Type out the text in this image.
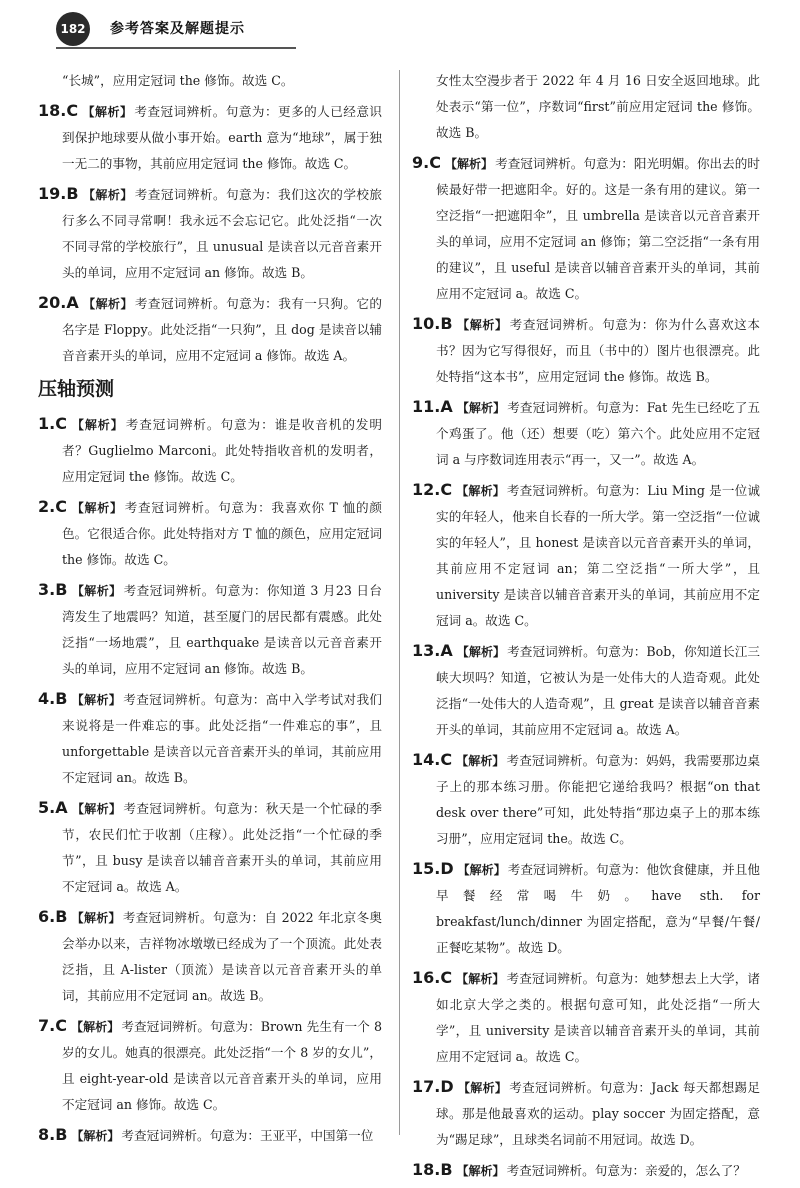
182	参考答案及解题提示

“长城”，应用定冠词 the 修饰。故选 C。

18.C 【解析】 考查冠词辨析。句意为：更多的人已经意识到保护地球要从做小事开始。earth 意为“地球”，属于独一无二的事物，其前应用定冠词 the 修饰。故选 C。

19.B 【解析】 考查冠词辨析。句意为：我们这次的学校旅行多么不同寻常啊！我永远不会忘记它。此处泛指“一次不同寻常的学校旅行”，且 unusual 是读音以元音音素开头的单词，应用不定冠词 an 修饰。故选 B。

20.A 【解析】 考查冠词辨析。句意为：我有一只狗。它的名字是 Floppy。此处泛指“一只狗”，且 dog 是读音以辅音音素开头的单词，应用不定冠词 a 修饰。故选 A。

压轴预测

1.C 【解析】 考查冠词辨析。句意为：谁是收音机的发明者？Guglielmo Marconi。此处特指收音机的发明者，应用定冠词 the 修饰。故选 C。

2.C 【解析】 考查冠词辨析。句意为：我喜欢你 T 恤的颜色。它很适合你。此处特指对方 T 恤的颜色，应用定冠词 the 修饰。故选 C。

3.B 【解析】 考查冠词辨析。句意为：你知道 3 月23 日台湾发生了地震吗？知道，甚至厦门的居民都有震感。此处泛指“一场地震”，且 earthquake 是读音以元音音素开头的单词，应用不定冠词 an 修饰。故选 B。

4.B 【解析】 考查冠词辨析。句意为：高中入学考试对我们来说将是一件难忘的事。此处泛指“一件难忘的事”，且 unforgettable 是读音以元音音素开头的单词，其前应用不定冠词 an。故选 B。

5.A 【解析】 考查冠词辨析。句意为：秋天是一个忙碌的季节，农民们忙于收割（庄稼）。此处泛指“一个忙碌的季节”，且 busy 是读音以辅音音素开头的单词，其前应用不定冠词 a。故选 A。

6.B 【解析】 考查冠词辨析。句意为：自 2022 年北京冬奥会举办以来，吉祥物冰墩墩已经成为了一个顶流。此处表泛指，且 A-lister（顶流）是读音以元音音素开头的单词，其前应用不定冠词 an。故选 B。

7.C 【解析】 考查冠词辨析。句意为：Brown 先生有一个 8 岁的女儿。她真的很漂亮。此处泛指“一个 8 岁的女儿”，且 eight-year-old 是读音以元音音素开头的单词，应用不定冠词 an 修饰。故选 C。

8.B 【解析】 考查冠词辨析。句意为：王亚平，中国第一位

女性太空漫步者于 2022 年 4 月 16 日安全返回地球。此处表示“第一位”，序数词“first”前应用定冠词 the 修饰。故选 B。

9.C 【解析】 考查冠词辨析。句意为：阳光明媚。你出去的时候最好带一把遮阳伞。好的。这是一条有用的建议。第一空泛指“一把遮阳伞”，且 umbrella 是读音以元音音素开头的单词，应用不定冠词 an 修饰；第二空泛指“一条有用的建议”，且 useful 是读音以辅音音素开头的单词，其前应用不定冠词 a。故选 C。

10.B 【解析】 考查冠词辨析。句意为：你为什么喜欢这本书？因为它写得很好，而且（书中的）图片也很漂亮。此处特指“这本书”，应用定冠词 the 修饰。故选 B。

11.A 【解析】 考查冠词辨析。句意为：Fat 先生已经吃了五个鸡蛋了。他（还）想要（吃）第六个。此处应用不定冠词 a 与序数词连用表示“再一，又一”。故选 A。

12.C 【解析】 考查冠词辨析。句意为：Liu Ming 是一位诚实的年轻人，他来自长春的一所大学。第一空泛指“一位诚实的年轻人”，且 honest 是读音以元音音素开头的单词，其前应用不定冠词 an；第二空泛指“一所大学”，且 university 是读音以辅音音素开头的单词，其前应用不定冠词 a。故选 C。

13.A 【解析】 考查冠词辨析。句意为：Bob，你知道长江三峡大坝吗？知道，它被认为是一处伟大的人造奇观。此处泛指“一处伟大的人造奇观”，且 great 是读音以辅音音素开头的单词，其前应用不定冠词 a。故选 A。

14.C 【解析】 考查冠词辨析。句意为：妈妈，我需要那边桌子上的那本练习册。你能把它递给我吗？根据“on that desk over there”可知，此处特指“那边桌子上的那本练习册”，应用定冠词 the。故选 C。

15.D 【解析】 考查冠词辨析。句意为：他饮食健康，并且他早餐经常喝牛奶。have sth. for breakfast/lunch/dinner 为固定搭配，意为“早餐/午餐/正餐吃某物”。故选 D。

16.C 【解析】 考查冠词辨析。句意为：她梦想去上大学，诸如北京大学之类的。根据句意可知，此处泛指“一所大学”，且 university 是读音以辅音音素开头的单词，其前应用不定冠词 a。故选 C。

17.D 【解析】 考查冠词辨析。句意为：Jack 每天都想踢足球。那是他最喜欢的运动。play soccer 为固定搭配，意为“踢足球”，且球类名词前不用冠词。故选 D。

18.B 【解析】 考查冠词辨析。句意为：亲爱的，怎么了？
